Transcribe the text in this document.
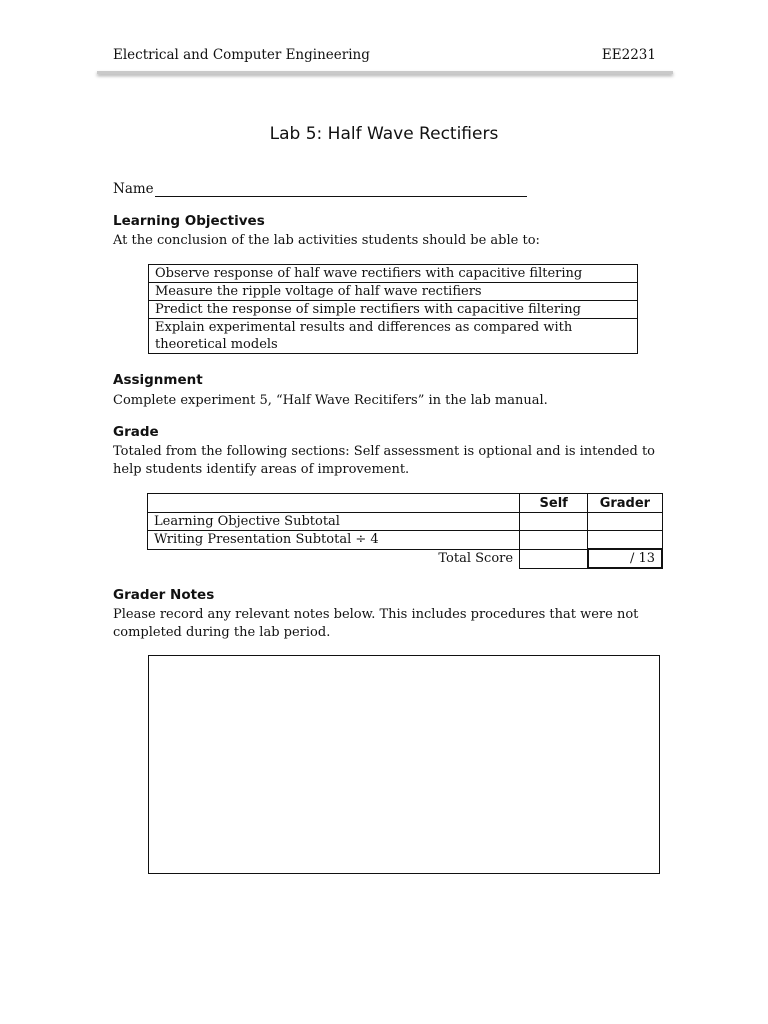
Electrical and Computer Engineering	EE2231
Lab 5: Half Wave Rectifiers
Name
Learning Objectives
At the conclusion of the lab activities students should be able to:
Observe response of half wave rectifiers with capacitive filtering
Measure the ripple voltage of half wave rectifiers
Predict the response of simple rectifiers with capacitive filtering
Explain experimental results and differences as compared with theoretical models
Assignment
Complete experiment 5, “Half Wave Recitifers” in the lab manual.
Grade
Totaled from the following sections: Self assessment is optional and is intended to help students identify areas of improvement.
	Self	Grader
Learning Objective Subtotal		
Writing Presentation Subtotal ÷ 4		
Total Score		/ 13
Grader Notes
Please record any relevant notes below. This includes procedures that were not completed during the lab period.
